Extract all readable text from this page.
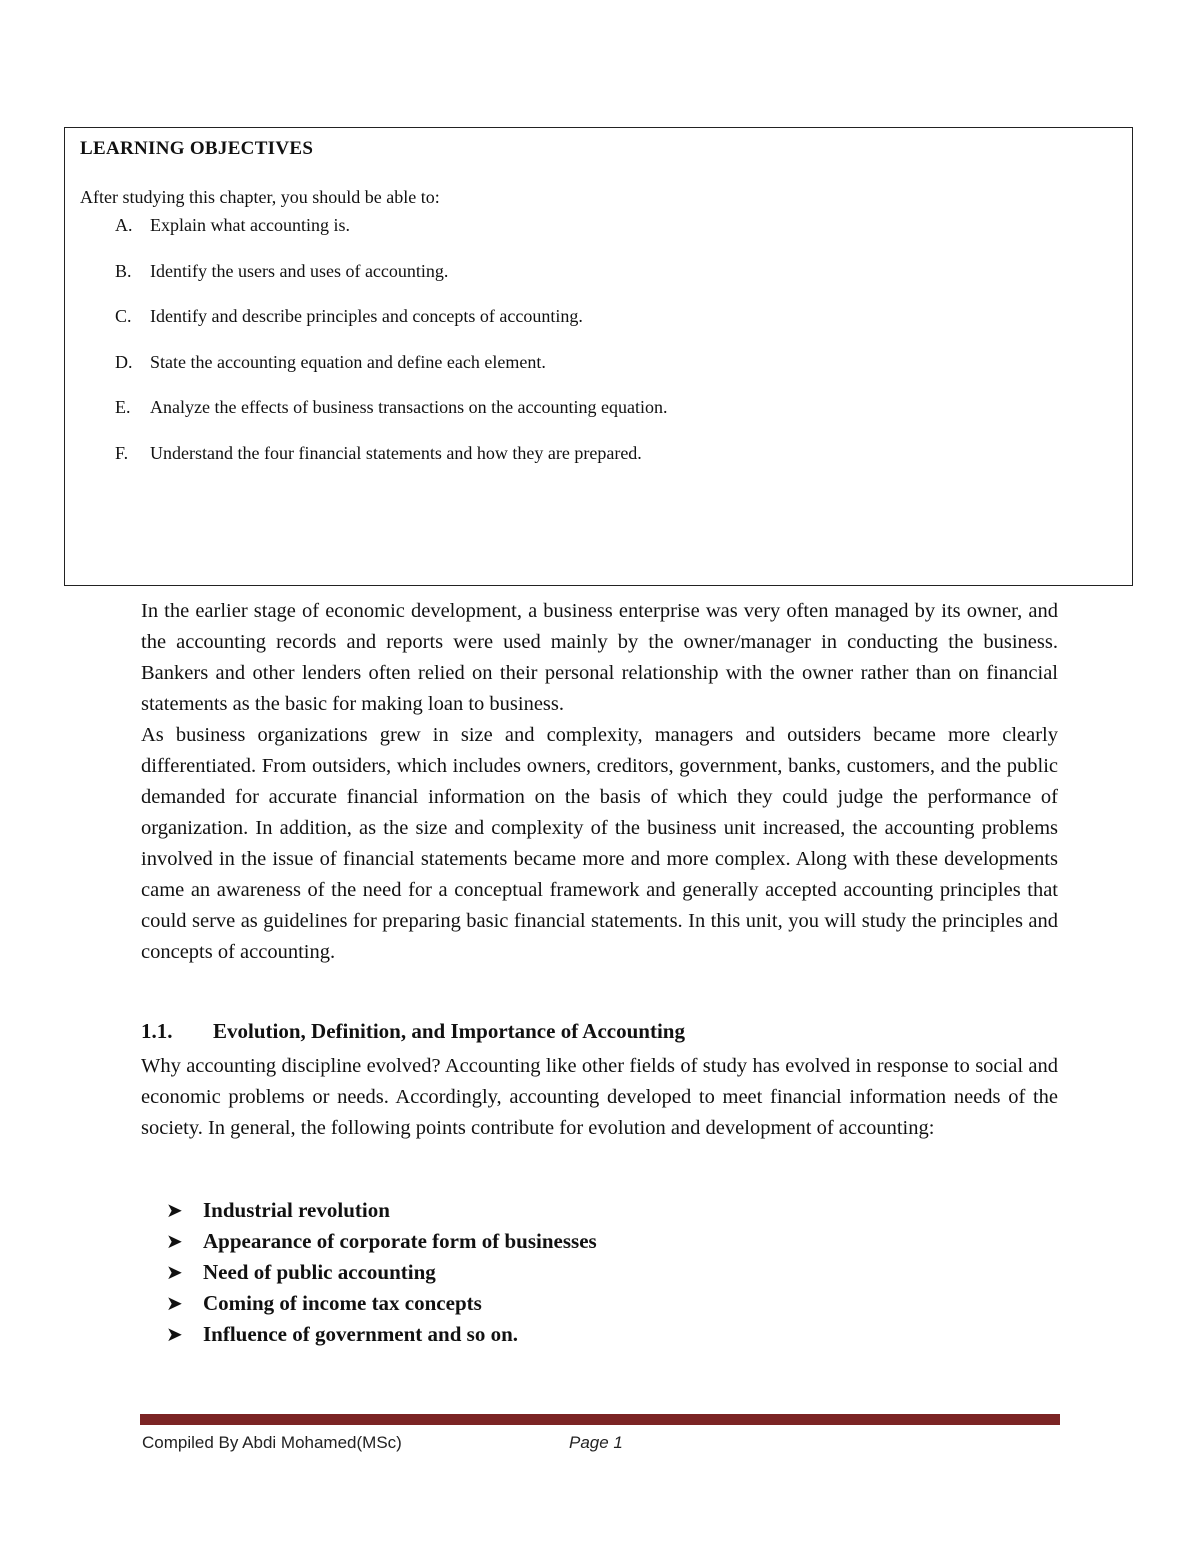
LEARNING OBJECTIVES

After studying this chapter, you should be able to:

A. Explain what accounting is.
B.	Identify the users and uses of accounting.
C.	Identify and describe principles and concepts of accounting.
D. State the accounting equation and define each element.
E.	Analyze the effects of business transactions on the accounting equation.
F.	Understand the four financial statements and how they are prepared.

In the earlier stage of economic development, a business enterprise was very often managed by its owner, and the accounting records and reports were used mainly by the owner/manager in conducting the business. Bankers and other lenders often relied on their personal relationship with the owner rather than on financial statements as the basic for making loan to business.

As business organizations grew in size and complexity, managers and outsiders became more clearly differentiated. From outsiders, which includes owners, creditors, government, banks, customers, and the public demanded for accurate financial information on the basis of which they could judge the performance of organization. In addition, as the size and complexity of the business unit increased, the accounting problems involved in the issue of financial statements became more and more complex. Along with these developments came an awareness of the need for a conceptual framework and generally accepted accounting principles that could serve as guidelines for preparing basic financial statements. In this unit, you will study the principles and concepts of accounting.

1.1. Evolution, Definition, and Importance of Accounting

Why accounting discipline evolved? Accounting like other fields of study has evolved in response to social and economic problems or needs. Accordingly, accounting developed to meet financial information needs of the society. In general, the following points contribute for evolution and development of accounting:

➤ Industrial revolution
➤ Appearance of corporate form of businesses
➤ Need of public accounting
➤ Coming of income tax concepts
➤ Influence of government and so on.
Compiled By Abdi Mohamed(MSc)	Page 1
